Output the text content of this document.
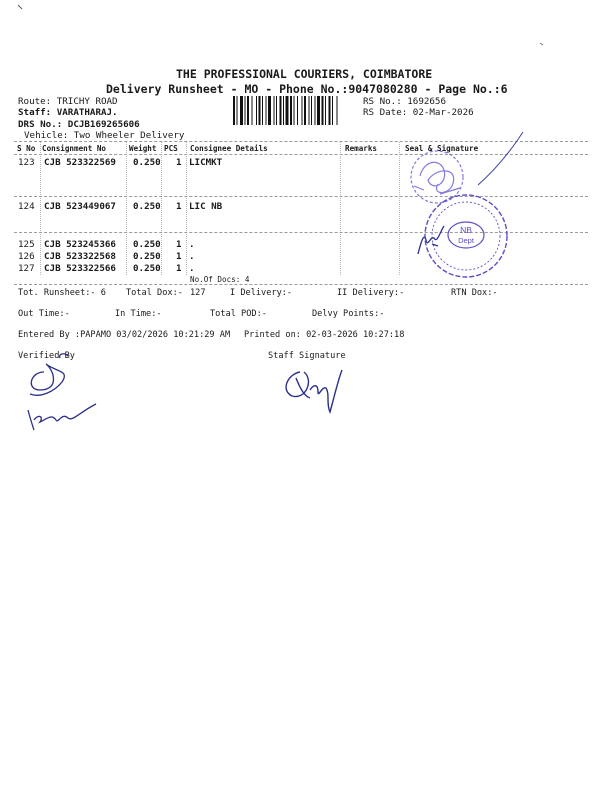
THE PROFESSIONAL COURIERS, COIMBATORE
Delivery Runsheet - MO - Phone No.:9047080280 - Page No.:6
Route: TRICHY ROAD
Staff: VARATHARAJ.
DRS No.: DCJB169265606
Vehicle: Two Wheeler Delivery
RS No.: 1692656
RS Date: 02-Mar-2026
S No Consignment No	Weight PCS Consignee Details	Remarks	Seal & Signature
123 CJB 523322569 0.250 1 LICMKT
124 CJB 523449067 0.250 1 LIC NB
125 CJB 523245366 0.250 1 .
126 CJB 523322568 0.250 1 .
127 CJB 523322566 0.250 1 .
No.Of Docs: 4
Tot. Runsheet:- 6 Total Dox:- 127	I Delivery:-	II Delivery:-	RTN Dox:-
Out Time:-	In Time:-	Total POD:-	Delvy Points:-
Entered By :PAPAMO 03/02/2026 10:21:29 AM Printed on: 02-03-2026 10:27:18
Verified By	Staff Signature
NB
Dept
